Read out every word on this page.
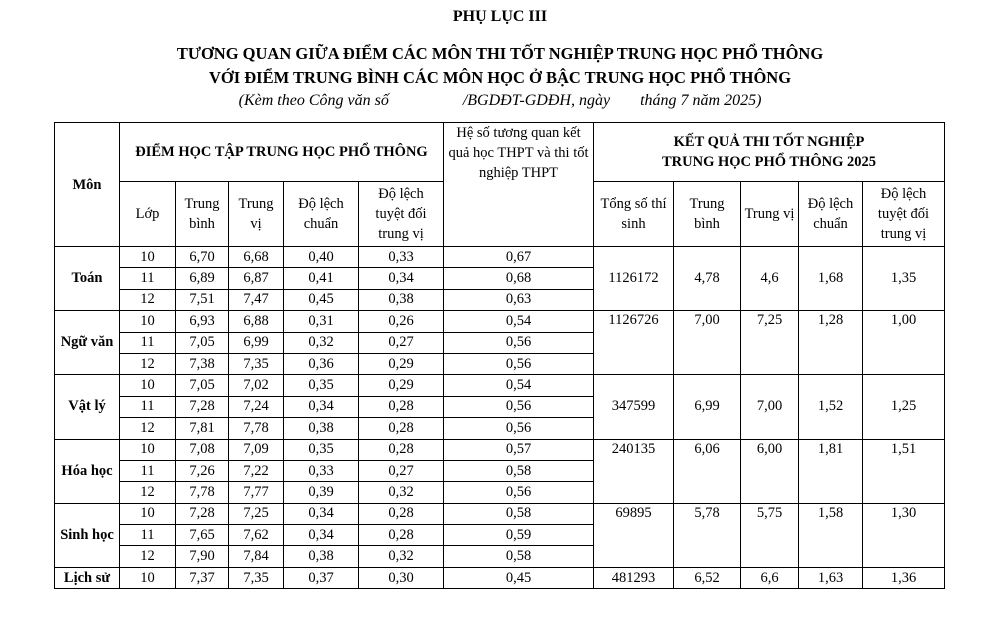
PHỤ LỤC III
TƯƠNG QUAN GIỮA ĐIỂM CÁC MÔN THI TỐT NGHIỆP TRUNG HỌC PHỔ THÔNG
VỚI ĐIỂM TRUNG BÌNH CÁC MÔN HỌC Ở BẬC TRUNG HỌC PHỔ THÔNG
(Kèm theo Công văn số	/BGDĐT-GDĐH, ngày tháng 7 năm 2025)
Môn	ĐIỂM HỌC TẬP TRUNG HỌC PHỔ THÔNG					Hệ số tương quan kết quả học THPT và thi tốt nghiệp THPT	KẾT QUẢ THI TỐT NGHIỆP
TRUNG HỌC PHỔ THÔNG 2025				

	Lớp	Trung bình	Trung vị	Độ lệch chuẩn	Độ lệch tuyệt đối trung vị		Tổng số thí sinh	Trung bình	Trung vị	Độ lệch chuẩn	Độ lệch tuyệt đối trung vị
Toán	10	6,70	6,68	0,40	0,33	0,67	1126172	4,78	4,6	1,68	1,35
	11	6,89	6,87	0,41	0,34	0,68					
	12	7,51	7,47	0,45	0,38	0,63					
Ngữ văn	10	6,93	6,88	0,31	0,26	0,54	1126726	7,00	7,25	1,28	1,00
	11	7,05	6,99	0,32	0,27	0,56					
	12	7,38	7,35	0,36	0,29	0,56					
Vật lý	10	7,05	7,02	0,35	0,29	0,54	347599	6,99	7,00	1,52	1,25
	11	7,28	7,24	0,34	0,28	0,56					
	12	7,81	7,78	0,38	0,28	0,56					
Hóa học	10	7,08	7,09	0,35	0,28	0,57	240135	6,06	6,00	1,81	1,51
	11	7,26	7,22	0,33	0,27	0,58					
	12	7,78	7,77	0,39	0,32	0,56					
Sinh học	10	7,28	7,25	0,34	0,28	0,58	69895	5,78	5,75	1,58	1,30
	11	7,65	7,62	0,34	0,28	0,59					
	12	7,90	7,84	0,38	0,32	0,58					
Lịch sử	10	7,37	7,35	0,37	0,30	0,45	481293	6,52	6,6	1,63	1,36
